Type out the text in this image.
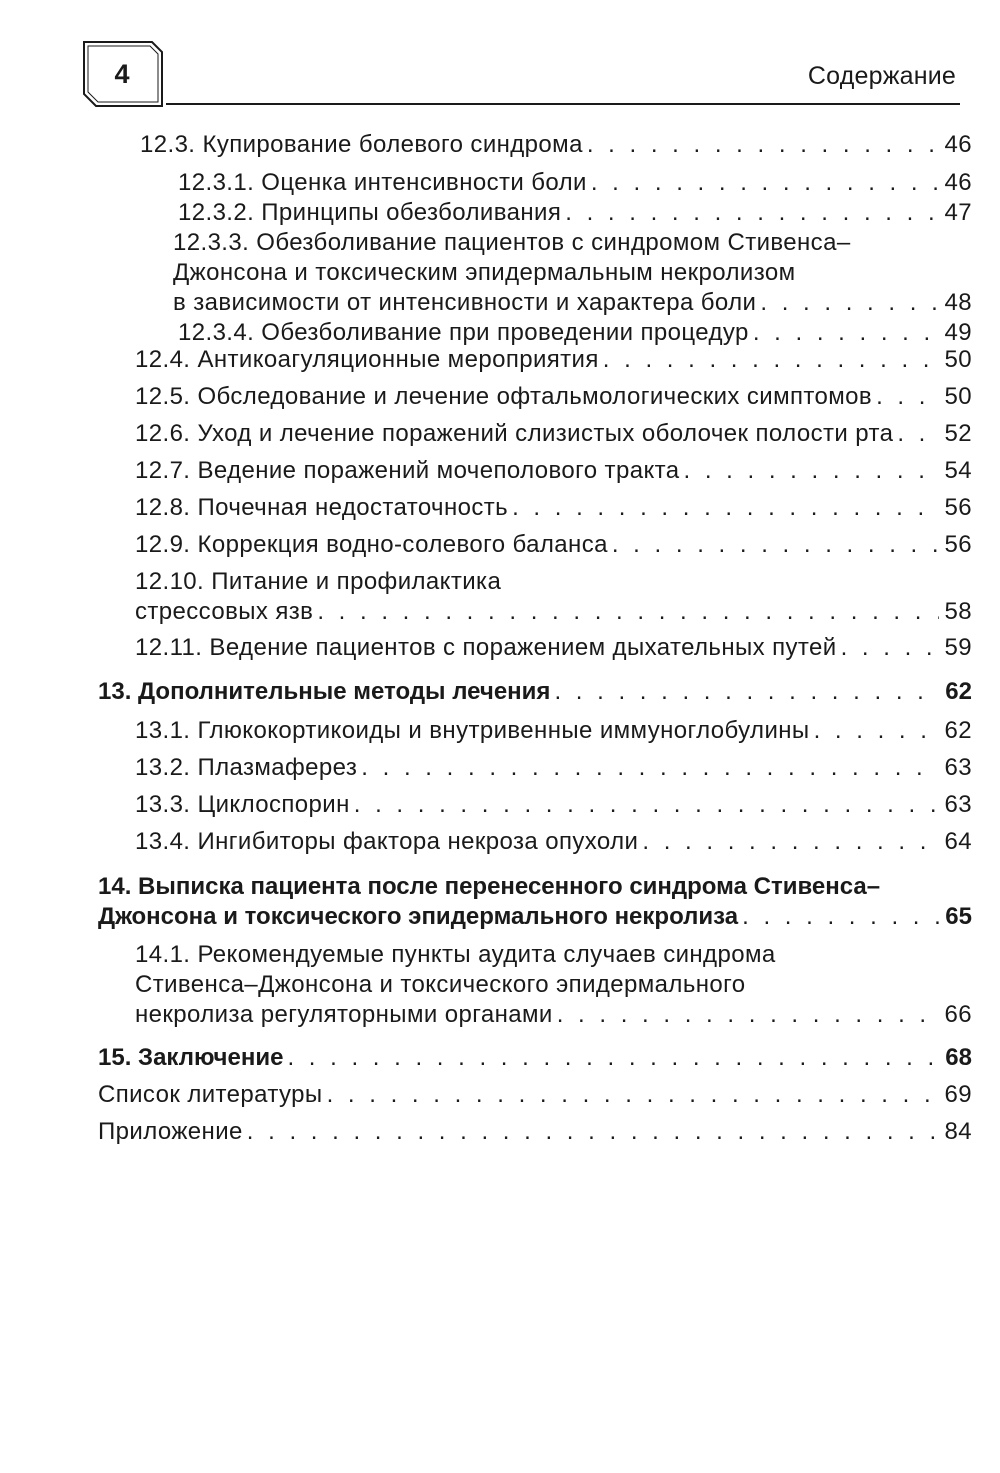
4	Содержание
12.3. Купирование болевого синдрома . . .	46
12.3.1. Оценка интенсивности боли . . .	46
12.3.2. Принципы обезболивания . . .	47
12.3.3. Обезболивание пациентов с синдромом Стивенса–
Джонсона и токсическим эпидермальным некролизом
в зависимости от интенсивности и характера боли . . .	48
12.3.4. Обезболивание при проведении процедур . . .	49
12.4. Антикоагуляционные мероприятия . . .	50
12.5. Обследование и лечение офтальмологических симптомов . . .	50
12.6. Уход и лечение поражений слизистых оболочек полости рта . . . 52
12.7. Ведение поражений мочеполового тракта . . .	54
12.8. Почечная недостаточность . . .	56
12.9. Коррекция водно-солевого баланса . . .	56
12.10. Питание и профилактика
стрессовых язв . . .	58
12.11. Ведение пациентов с поражением дыхательных путей . . .	59
13. Дополнительные методы лечения . . .	62
13.1. Глюкокортикоиды и внутривенные иммуноглобулины . . .	62
13.2. Плазмаферез . . .	63
13.3. Циклоспорин . . .	63
13.4. Ингибиторы фактора некроза опухоли . . .	64
14. Выписка пациента после перенесенного синдрома Стивенса–
Джонсона и токсического эпидермального некролиза . . .	65
14.1. Рекомендуемые пункты аудита случаев синдрома
Стивенса–Джонсона и токсического эпидермального
некролиза регуляторными органами . . .	66
15. Заключение . . .	68
Список литературы . . .	69
Приложение . . .	84
